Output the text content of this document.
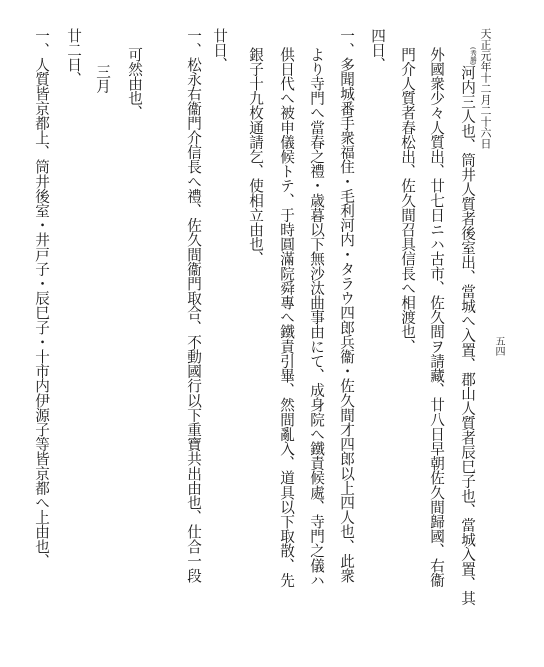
五四
天正元年十二月二十六日
(秀勝)河内三人也、筒井人質者後室出、當城へ入置、郡山人質者辰巳子也、當城入置、其
外國衆少々人質出、廿七日ニハ古市、佐久間ヲ請藏、廿八日早朝佐久間歸國、右衞
門介人質者春松出、佐久間召具信長へ相渡也、
四日、
一、多聞城番手衆福住・毛利河内・タラウ四郎兵衞・佐久間才四郎以上四人也、此衆
より寺門へ當春之禮・歳暮以下無沙汰曲事由にて、成身院へ鐵責候處、寺門之儀ハ
供日代へ被申儀候トテ、于時圓滿院舜專へ鐵責引畢、然間亂入、道具以下取散、先
銀子十九枚通請乞、使相立由也、
廿日、
一、松永右衞門介信長へ禮、佐久間衞門取合、不動國行以下重寶共出由也、仕合一段
可然由也、
三月
廿二日、
一、人質皆京都上、筒井後室・井戸子・辰巳子・十市内伊源子等皆京都へ上由也、
